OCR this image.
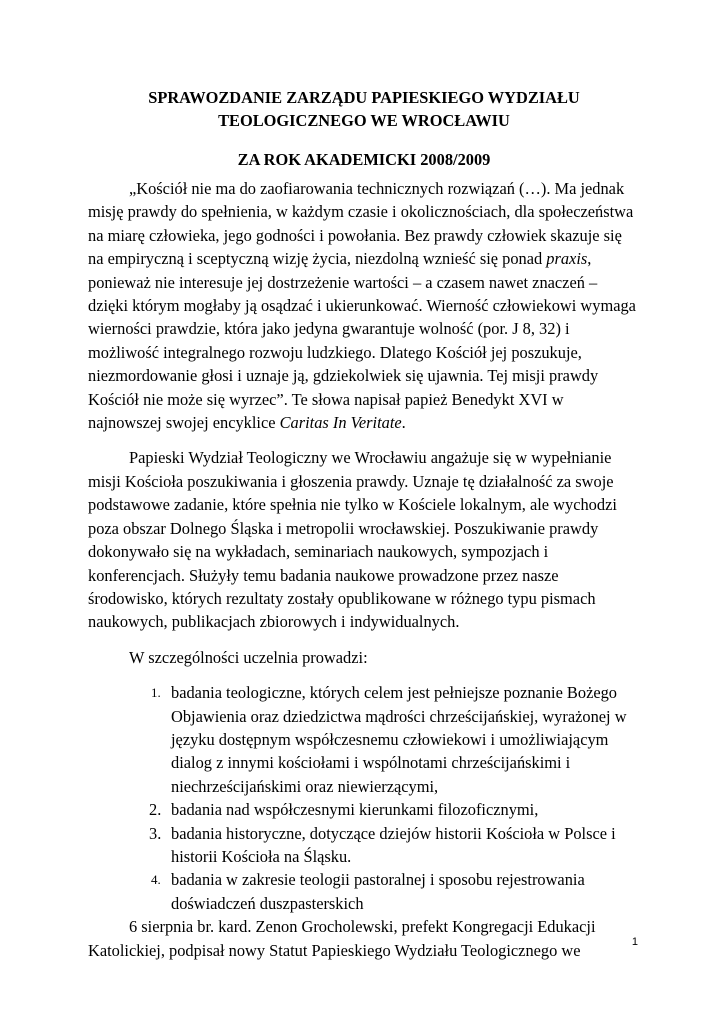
SPRAWOZDANIE ZARZĄDU PAPIESKIEGO WYDZIAŁU
TEOLOGICZNEGO WE WROCŁAWIU

ZA ROK AKADEMICKI 2008/2009

„Kościół nie ma do zaofiarowania technicznych rozwiązań (…). Ma jednak misję prawdy do spełnienia, w każdym czasie i okolicznościach, dla społeczeństwa na miarę człowieka, jego godności i powołania. Bez prawdy człowiek skazuje się na empiryczną i sceptyczną wizję życia, niezdolną wznieść się ponad praxis, ponieważ nie interesuje jej dostrzeżenie wartości – a czasem nawet znaczeń – dzięki którym mogłaby ją osądzać i ukierunkować. Wierność człowiekowi wymaga wierności prawdzie, która jako jedyna gwarantuje wolność (por. J 8, 32) i możliwość integralnego rozwoju ludzkiego. Dlatego Kościół jej poszukuje, niezmordowanie głosi i uznaje ją, gdziekolwiek się ujawnia. Tej misji prawdy Kościół nie może się wyrzec”. Te słowa napisał papież Benedykt XVI w najnowszej swojej encyklice Caritas In Veritate.

Papieski Wydział Teologiczny we Wrocławiu angażuje się w wypełnianie misji Kościoła poszukiwania i głoszenia prawdy. Uznaje tę działalność za swoje podstawowe zadanie, które spełnia nie tylko w Kościele lokalnym, ale wychodzi poza obszar Dolnego Śląska i metropolii wrocławskiej. Poszukiwanie prawdy dokonywało się na wykładach, seminariach naukowych, sympozjach i konferencjach. Służyły temu badania naukowe prowadzone przez nasze środowisko, których rezultaty zostały opublikowane w różnego typu pismach naukowych, publikacjach zbiorowych i indywidualnych.

W szczególności uczelnia prowadzi:

1. badania teologiczne, których celem jest pełniejsze poznanie Bożego Objawienia oraz dziedzictwa mądrości chrześcijańskiej, wyrażonej w języku dostępnym współczesnemu człowiekowi i umożliwiającym dialog z innymi kościołami i wspólnotami chrześcijańskimi i niechrześcijańskimi oraz niewierzącymi,
2. badania nad współczesnymi kierunkami filozoficznymi,
3. badania historyczne, dotyczące dziejów historii Kościoła w Polsce i historii Kościoła na Śląsku.
4. badania w zakresie teologii pastoralnej i sposobu rejestrowania doświadczeń duszpasterskich

6 sierpnia br. kard. Zenon Grocholewski, prefekt Kongregacji Edukacji Katolickiej, podpisał nowy Statut Papieskiego Wydziału Teologicznego we	1
